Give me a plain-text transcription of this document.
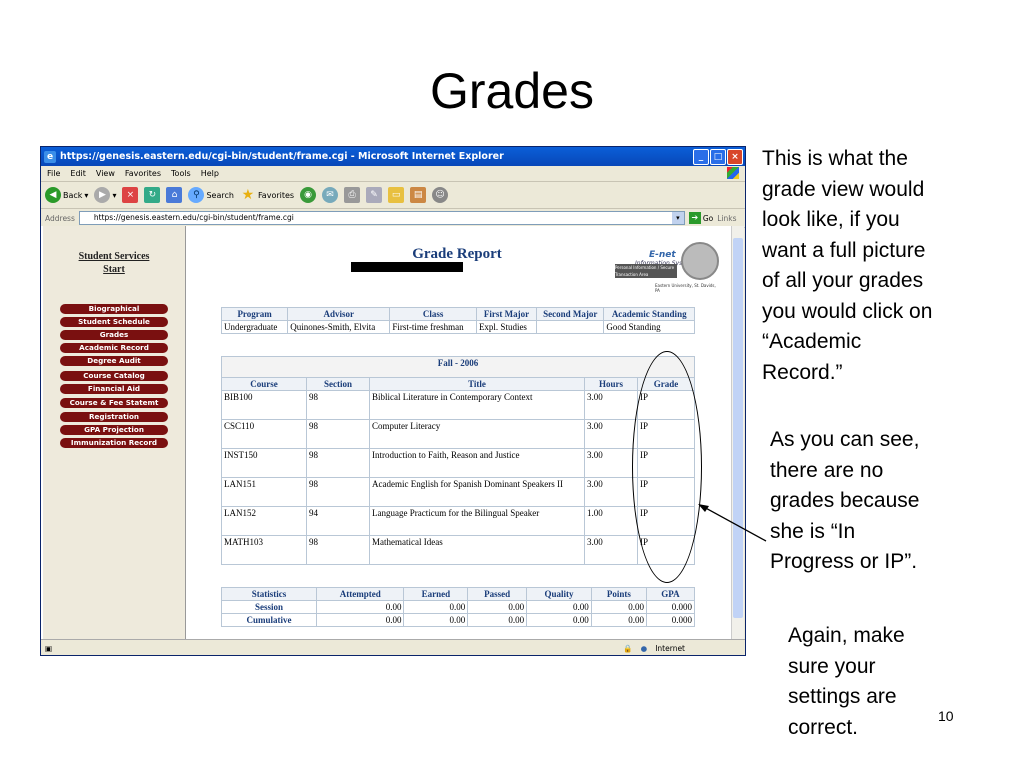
Grades
e https://genesis.eastern.edu/cgi-bin/student/frame.cgi - Microsoft Internet Explorer	_	□ ×
File Edit View Favorites Tools Help
◀ Back ▾	▶ ▾	×	↻	⌂	⚲ Search ★ Favorites	◉	✉	⎙	✎	▭	▤	☺
Address	https://genesis.eastern.edu/cgi-bin/student/frame.cgi	▾	➔ Go Links
Student Services
Start
Biographical
Student Schedule
Grades
Academic Record
Degree Audit
Course Catalog
Financial Aid
Course & Fee Statemt
Registration
GPA Projection
Immunization Record
Grade Report	E-net
Personal Information / Secure Transaction Area
Eastern University, St. Davids, PA
Program	Advisor	Class	First Major	Second Major	Academic Standing
Undergraduate	Quinones-Smith, Elvita	First-time freshman	Expl. Studies		Good Standing
Fall - 2006				
Course	Section	Title	Hours	Grade
BIB100	98	Biblical Literature in Contemporary Context	3.00	IP
CSC110	98	Computer Literacy	3.00	IP
INST150	98	Introduction to Faith, Reason and Justice	3.00	IP
LAN151	98	Academic English for Spanish Dominant Speakers II	3.00	IP
LAN152	94	Language Practicum for the Bilingual Speaker	1.00	IP
MATH103	98	Mathematical Ideas	3.00	IP
Statistics	Attempted	Earned	Passed	Quality	Points	GPA
Session	0.00	0.00	0.00	0.00	0.00	0.000
Cumulative	0.00	0.00	0.00	0.00	0.00	0.000
▣	🔒 ● Internet
This is what the
grade view would
look like, if you
want a full picture
of all your grades
you would click on
“Academic
Record.”
As you can see,
there are no
grades because
she is “In
Progress or IP”.
Again, make
sure your
settings are
correct.	10
